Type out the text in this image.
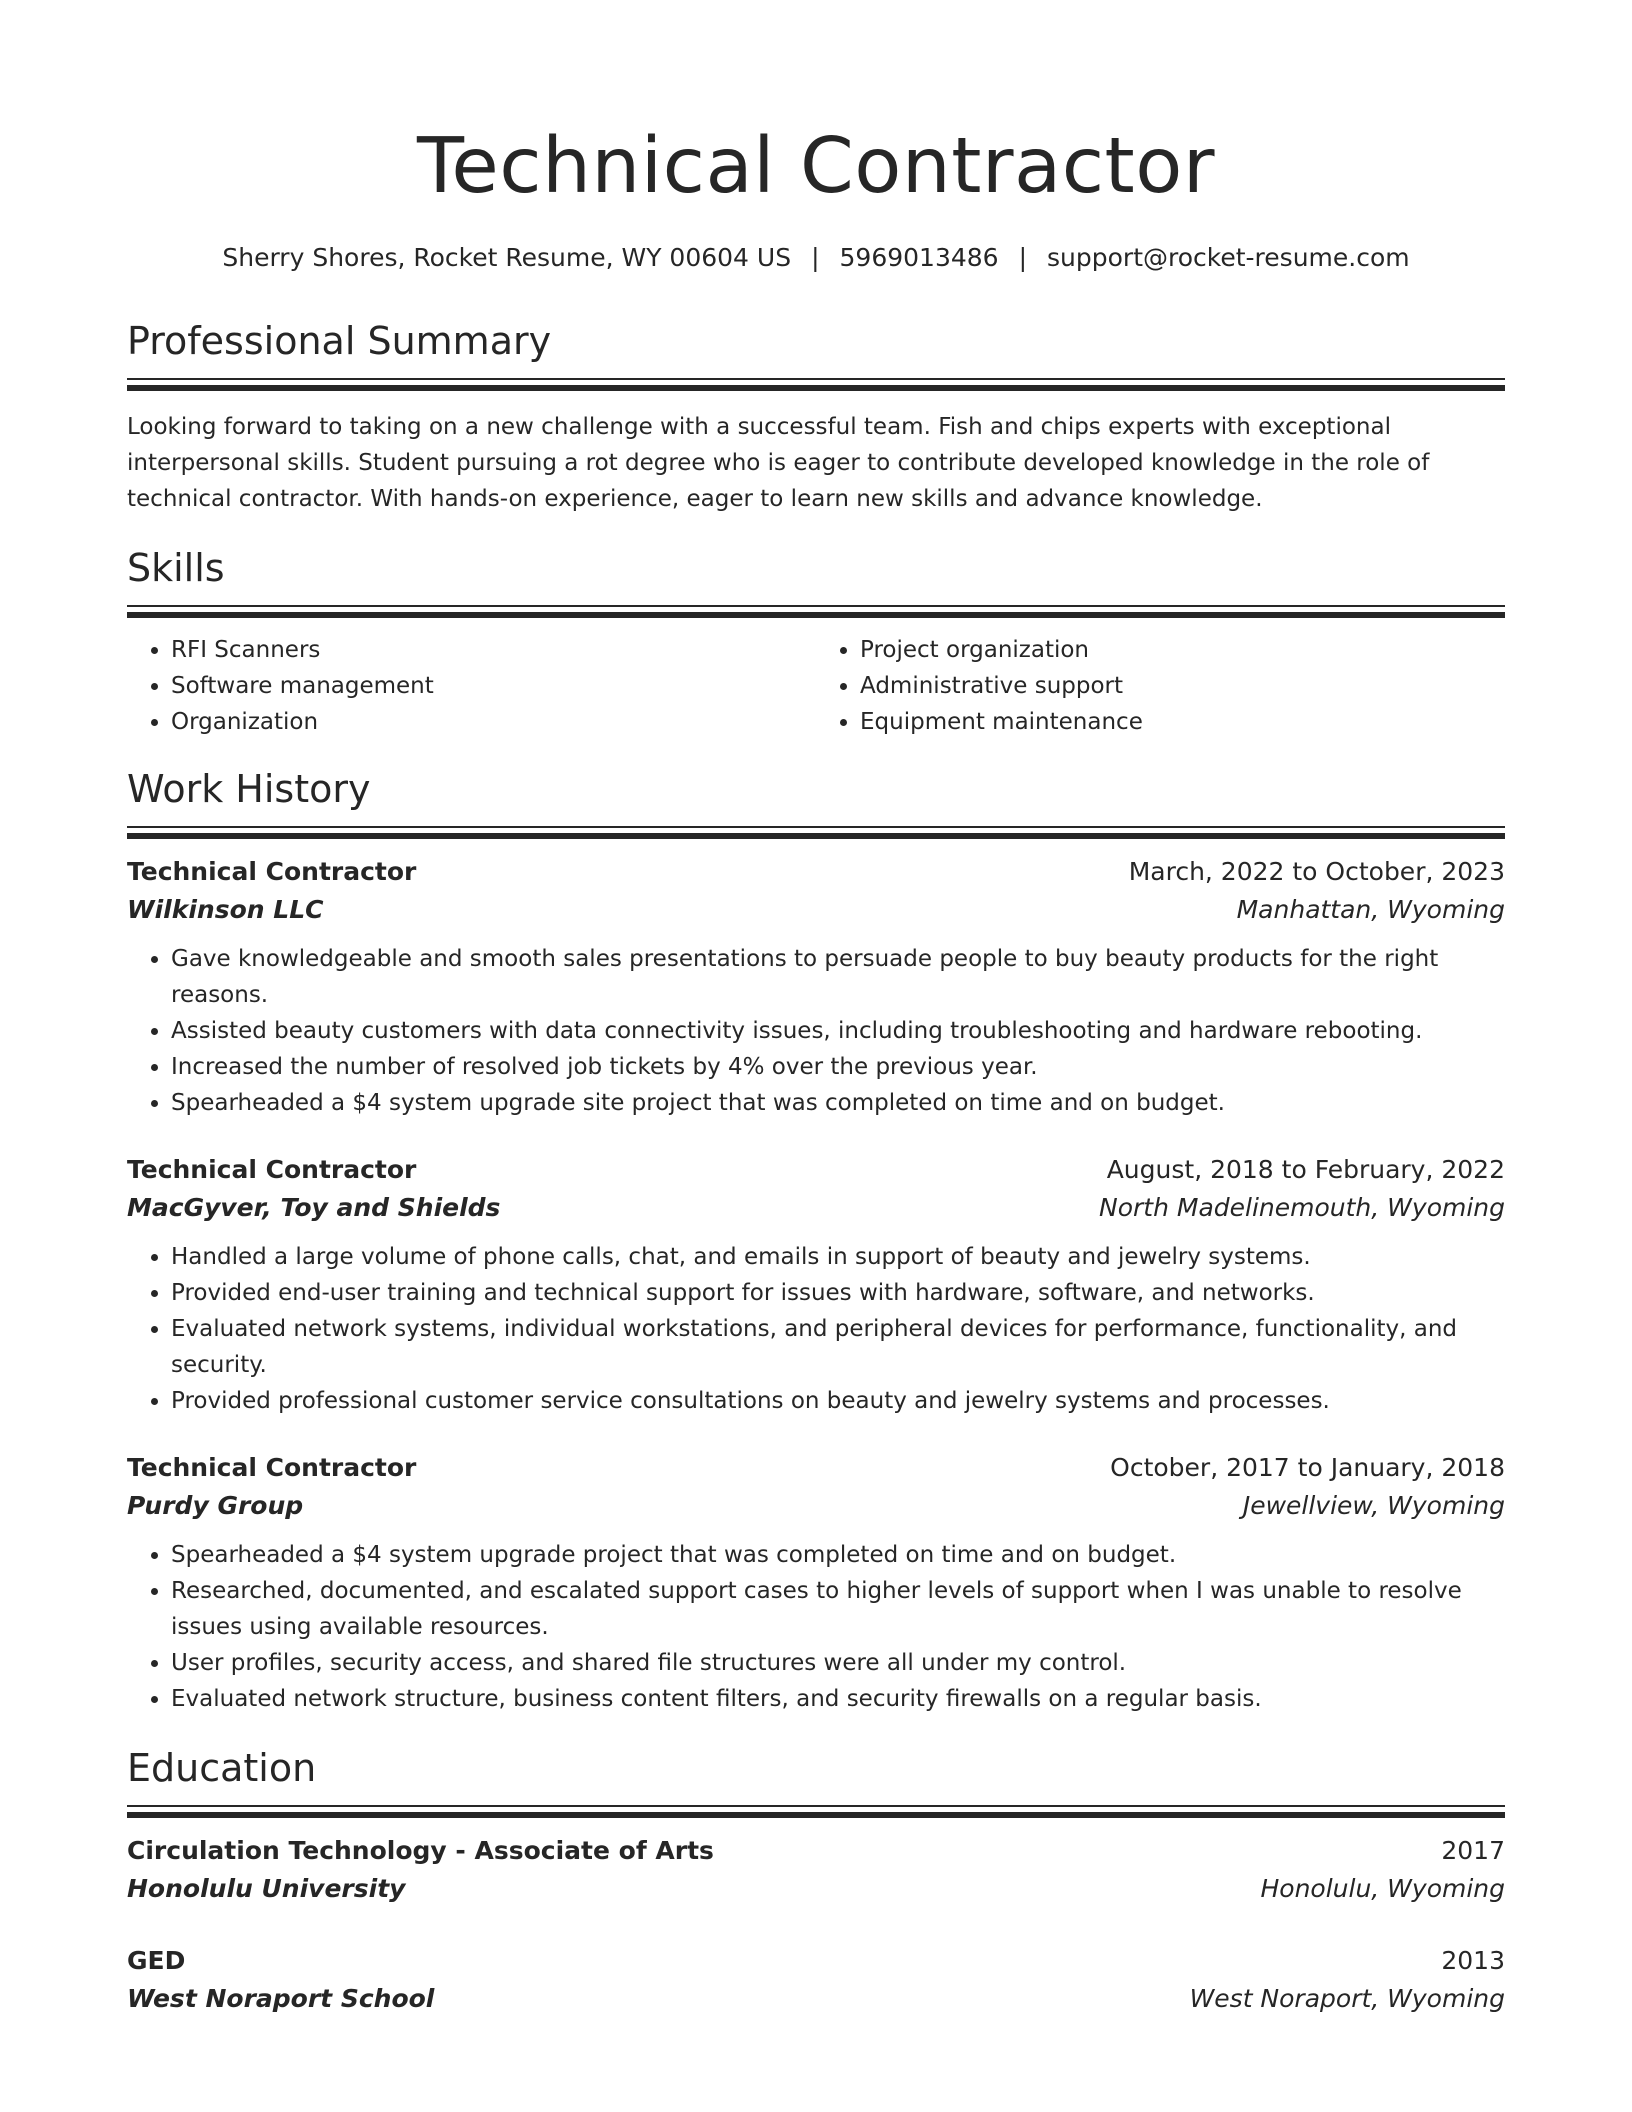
Technical Contractor
Sherry Shores, Rocket Resume, WY 00604 US | 5969013486 | support@rocket-resume.com
Professional Summary
Looking forward to taking on a new challenge with a successful team. Fish and chips experts with exceptional interpersonal skills. Student pursuing a rot degree who is eager to contribute developed knowledge in the role of technical contractor. With hands-on experience, eager to learn new skills and advance knowledge.
Skills
• RFI Scanners
• Software management
• Organization
• Project organization
• Administrative support
• Equipment maintenance
Work History
Technical Contractor	March, 2022 to October, 2023
Wilkinson LLC	Manhattan, Wyoming
• Gave knowledgeable and smooth sales presentations to persuade people to buy beauty products for the right reasons.
• Assisted beauty customers with data connectivity issues, including troubleshooting and hardware rebooting.
• Increased the number of resolved job tickets by 4% over the previous year.
• Spearheaded a $4 system upgrade site project that was completed on time and on budget.
Technical Contractor	August, 2018 to February, 2022
MacGyver, Toy and Shields	North Madelinemouth, Wyoming
• Handled a large volume of phone calls, chat, and emails in support of beauty and jewelry systems.
• Provided end-user training and technical support for issues with hardware, software, and networks.
• Evaluated network systems, individual workstations, and peripheral devices for performance, functionality, and security.
• Provided professional customer service consultations on beauty and jewelry systems and processes.
Technical Contractor	October, 2017 to January, 2018
Purdy Group	Jewellview, Wyoming
• Spearheaded a $4 system upgrade project that was completed on time and on budget.
• Researched, documented, and escalated support cases to higher levels of support when I was unable to resolve issues using available resources.
• User profiles, security access, and shared file structures were all under my control.
• Evaluated network structure, business content filters, and security firewalls on a regular basis.
Education
Circulation Technology - Associate of Arts	2017
Honolulu University	Honolulu, Wyoming
GED	2013
West Noraport School	West Noraport, Wyoming
